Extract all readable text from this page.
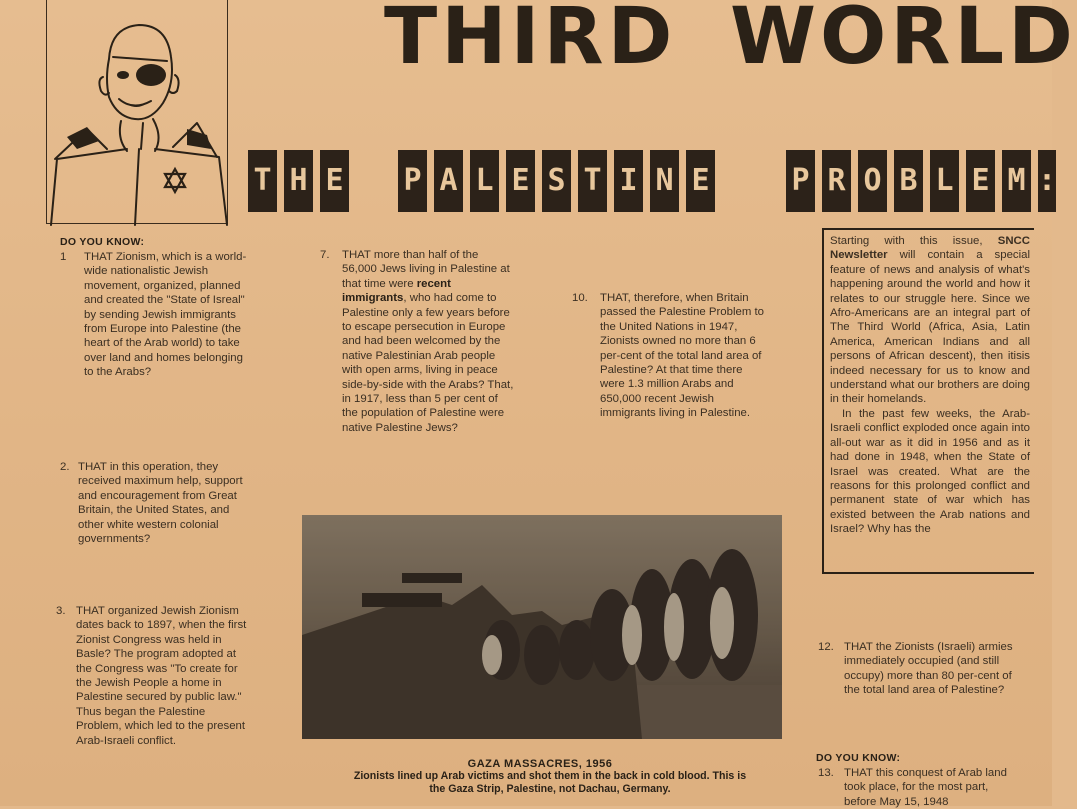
THIRD WORLD
T H E P A L E S T I N E	P R O B L E M :
DO YOU KNOW:
1 THAT Zionism, which is a world-wide nationalistic Jewish movement, organized, planned and created the "State of Isreal" by sending Jewish immigrants from Europe into Palestine (the heart of the Arab world) to take over land and homes belonging to the Arabs?
2. THAT in this operation, they received maximum help, support and encouragement from Great Britain, the United States, and other white western colonial governments?
3. THAT organized Jewish Zionism dates back to 1897, when the first Zionist Congress was held in Basle? The program adopted at the Congress was "To create for the Jewish People a home in Palestine secured by public law." Thus began the Palestine Problem, which led to the present Arab-Israeli conflict.
7. THAT more than half of the 56,000 Jews living in Palestine at that time were recent immigrants, who had come to Palestine only a few years before to escape persecution in Europe and had been welcomed by the native Palestinian Arab people with open arms, living in peace side-by-side with the Arabs? That, in 1917, less than 5 per cent of the population of Palestine were native Palestine Jews?
10. THAT, therefore, when Britain passed the Palestine Problem to the United Nations in 1947, Zionists owned no more than 6 per-cent of the total land area of Palestine? At that time there were 1.3 million Arabs and 650,000 recent Jewish immigrants living in Palestine.
Starting with this issue, SNCC Newsletter will contain a special feature of news and analysis of what's happening around the world and how it relates to our struggle here. Since we Afro-Americans are an integral part of The Third World (Africa, Asia, Latin America, American Indians and all persons of African descent), then itisis indeed necessary for us to know and understand what our brothers are doing in their homelands.
In the past few weeks, the Arab-Israeli conflict exploded once again into all-out war as it did in 1956 and as it had done in 1948, when the State of Israel was created. What are the reasons for this prolonged conflict and permanent state of war which has existed between the Arab nations and Israel? Why has the
GAZA MASSACRES, 1956
Zionists lined up Arab victims and shot them in the back in cold blood. This is the Gaza Strip, Palestine, not Dachau, Germany.
12. THAT the Zionists (Israeli) armies immediately occupied (and still occupy) more than 80 per-cent of the total land area of Palestine?
DO YOU KNOW:
13. THAT this conquest of Arab land took place, for the most part, before May 15, 1948
